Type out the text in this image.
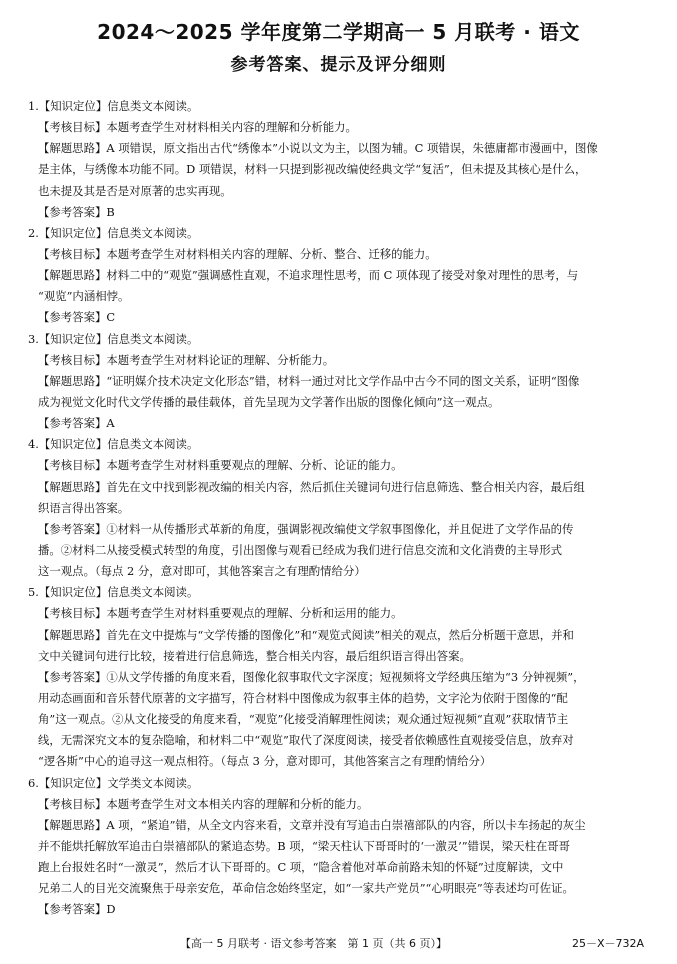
2024～2025 学年度第二学期高一 5 月联考 · 语文
参考答案、提示及评分细则
1.【知识定位】信息类文本阅读。
【考核目标】本题考查学生对材料相关内容的理解和分析能力。
【解题思路】A 项错误，原文指出古代“绣像本”小说以文为主，以图为辅。C 项错误，朱德庸都市漫画中，图像
是主体，与绣像本功能不同。D 项错误，材料一只提到影视改编使经典文学“复活”，但未提及其核心是什么，
也未提及其是否是对原著的忠实再现。
【参考答案】B
2.【知识定位】信息类文本阅读。
【考核目标】本题考查学生对材料相关内容的理解、分析、整合、迁移的能力。
【解题思路】材料二中的“观览”强调感性直观，不追求理性思考，而 C 项体现了接受对象对理性的思考，与
“观览”内涵相悖。
【参考答案】C
3.【知识定位】信息类文本阅读。
【考核目标】本题考查学生对材料论证的理解、分析能力。
【解题思路】“证明媒介技术决定文化形态”错，材料一通过对比文学作品中古今不同的图文关系，证明“图像
成为视觉文化时代文学传播的最佳载体，首先呈现为文学著作出版的图像化倾向”这一观点。
【参考答案】A
4.【知识定位】信息类文本阅读。
【考核目标】本题考查学生对材料重要观点的理解、分析、论证的能力。
【解题思路】首先在文中找到影视改编的相关内容，然后抓住关键词句进行信息筛选、整合相关内容，最后组
织语言得出答案。
【参考答案】①材料一从传播形式革新的角度，强调影视改编使文学叙事图像化，并且促进了文学作品的传
播。②材料二从接受模式转型的角度，引出图像与观看已经成为我们进行信息交流和文化消费的主导形式
这一观点。（每点 2 分，意对即可，其他答案言之有理酌情给分）
5.【知识定位】信息类文本阅读。
【考核目标】本题考查学生对材料重要观点的理解、分析和运用的能力。
【解题思路】首先在文中提炼与“文学传播的图像化”和“观览式阅读”相关的观点，然后分析题干意思，并和
文中关键词句进行比较，接着进行信息筛选，整合相关内容，最后组织语言得出答案。
【参考答案】①从文学传播的角度来看，图像化叙事取代文字深度；短视频将文学经典压缩为“3 分钟视频”，
用动态画面和音乐替代原著的文字描写，符合材料中图像成为叙事主体的趋势，文字沦为依附于图像的“配
角”这一观点。②从文化接受的角度来看，“观览”化接受消解理性阅读；观众通过短视频“直观”获取情节主
线，无需深究文本的复杂隐喻，和材料二中“观览”取代了深度阅读，接受者依赖感性直观接受信息，放弃对
“逻各斯”中心的追寻这一观点相符。（每点 3 分，意对即可，其他答案言之有理酌情给分）
6.【知识定位】文学类文本阅读。
【考核目标】本题考查学生对文本相关内容的理解和分析的能力。
【解题思路】A 项，“紧追”错，从全文内容来看，文章并没有写追击白崇禧部队的内容，所以卡车扬起的灰尘
并不能烘托解放军追击白崇禧部队的紧追态势。B 项，“梁天柱认下哥哥时的‘一激灵’”错误，梁天柱在哥哥
跑上台报姓名时“一激灵”，然后才认下哥哥的。C 项，“隐含着他对革命前路未知的怀疑”过度解读，文中
兄弟二人的目光交流聚焦于母亲安危，革命信念始终坚定，如“一家共产党员”“心明眼亮”等表述均可佐证。
【参考答案】D
【高一 5 月联考 · 语文参考答案　第 1 页（共 6 页）】	25－X－732A
